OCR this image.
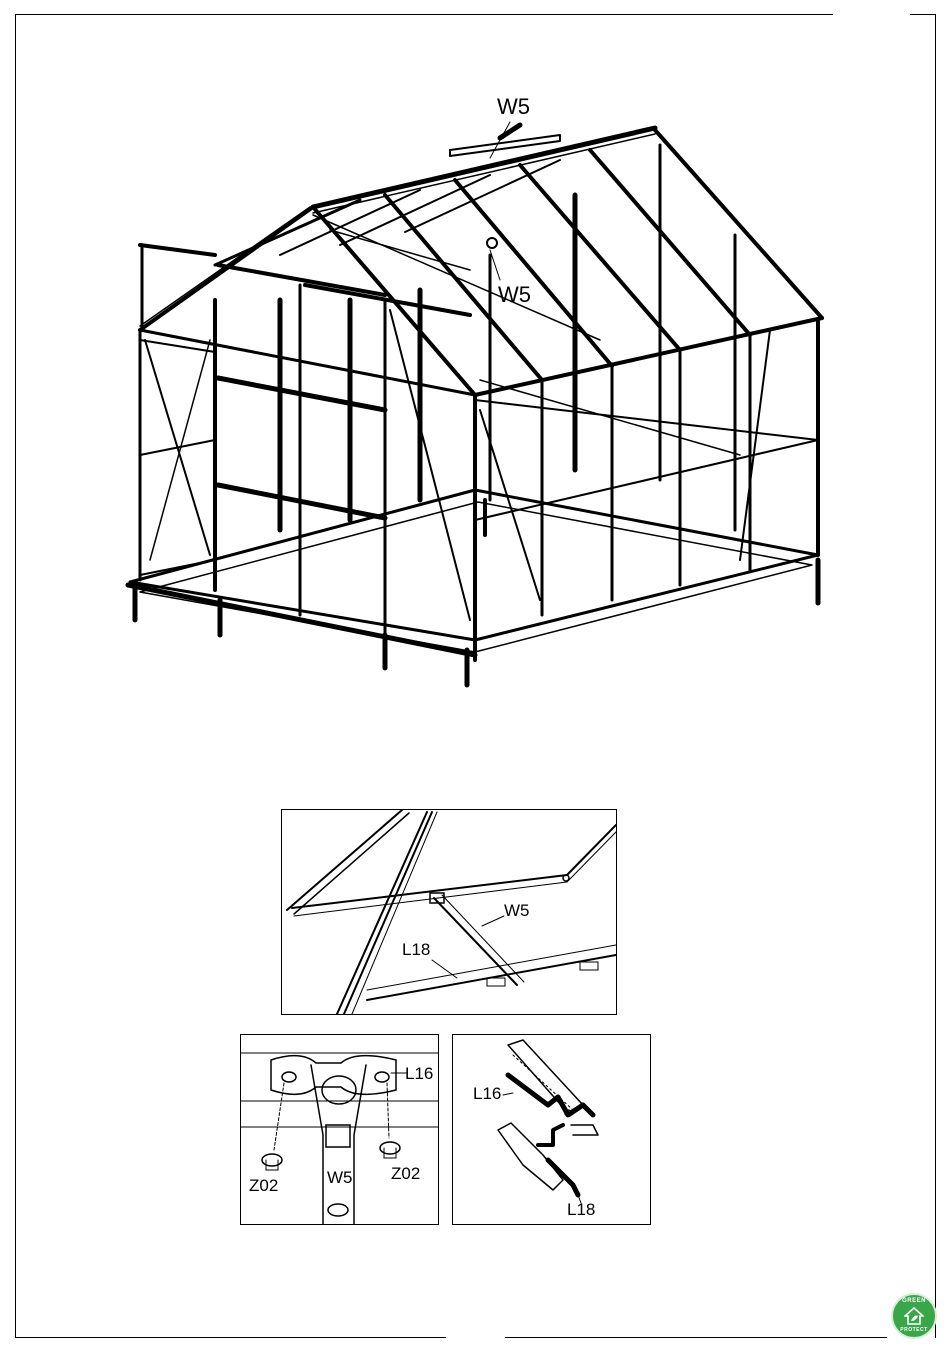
W5
W5
W5
L18
L16
Z02	W5 Z02
L16
L18
GREEN
PROTECT
